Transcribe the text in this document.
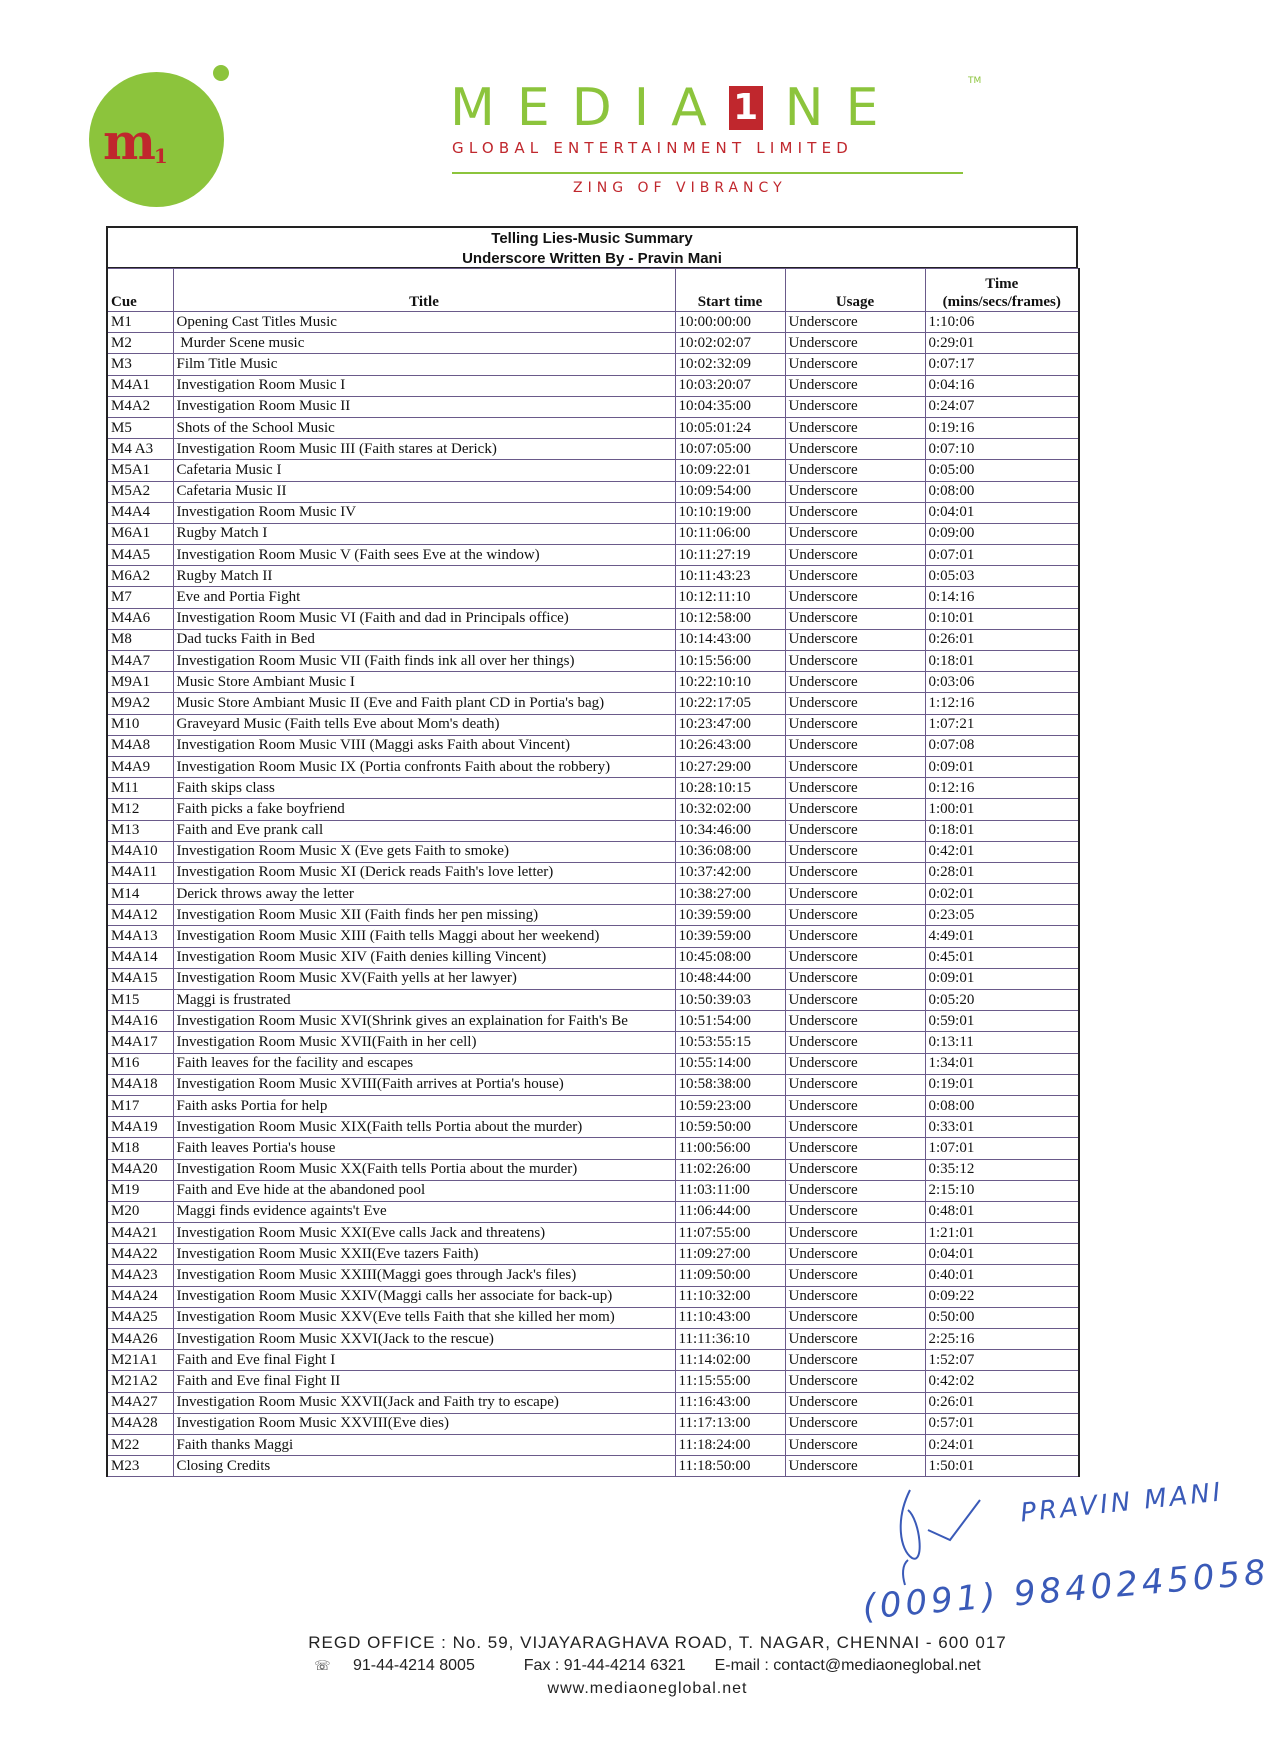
$m_1$
MEDIA 1 NE	TM
GLOBAL ENTERTAINMENT LIMITED
ZING OF VIBRANCY
Telling Lies-Music Summary
Underscore Written By - Pravin Mani
Cue	Title	Start time	Usage	Time
(mins/secs/frames)

M1	Opening Cast Titles Music	10:00:00:00	Underscore	1:10:06
M2	Murder Scene music	10:02:02:07	Underscore	0:29:01
M3	Film Title Music	10:02:32:09	Underscore	0:07:17
M4A1	Investigation Room Music I	10:03:20:07	Underscore	0:04:16
M4A2	Investigation Room Music II	10:04:35:00	Underscore	0:24:07
M5	Shots of the School Music	10:05:01:24	Underscore	0:19:16
M4 A3	Investigation Room Music III (Faith stares at Derick)	10:07:05:00	Underscore	0:07:10
M5A1	Cafetaria Music I	10:09:22:01	Underscore	0:05:00
M5A2	Cafetaria Music II	10:09:54:00	Underscore	0:08:00
M4A4	Investigation Room Music IV	10:10:19:00	Underscore	0:04:01
M6A1	Rugby Match I	10:11:06:00	Underscore	0:09:00
M4A5	Investigation Room Music V (Faith sees Eve at the window)	10:11:27:19	Underscore	0:07:01
M6A2	Rugby Match II	10:11:43:23	Underscore	0:05:03
M7	Eve and Portia Fight	10:12:11:10	Underscore	0:14:16
M4A6	Investigation Room Music VI (Faith and dad in Principals office)	10:12:58:00	Underscore	0:10:01
M8	Dad tucks Faith in Bed	10:14:43:00	Underscore	0:26:01
M4A7	Investigation Room Music VII (Faith finds ink all over her things)	10:15:56:00	Underscore	0:18:01
M9A1	Music Store Ambiant Music I	10:22:10:10	Underscore	0:03:06
M9A2	Music Store Ambiant Music II (Eve and Faith plant CD in Portia's bag)	10:22:17:05	Underscore	1:12:16
M10	Graveyard Music (Faith tells Eve about Mom's death)	10:23:47:00	Underscore	1:07:21
M4A8	Investigation Room Music VIII (Maggi asks Faith about Vincent)	10:26:43:00	Underscore	0:07:08
M4A9	Investigation Room Music IX (Portia confronts Faith about the robbery)	10:27:29:00	Underscore	0:09:01
M11	Faith skips class	10:28:10:15	Underscore	0:12:16
M12	Faith picks a fake boyfriend	10:32:02:00	Underscore	1:00:01
M13	Faith and Eve prank call	10:34:46:00	Underscore	0:18:01
M4A10	Investigation Room Music X (Eve gets Faith to smoke)	10:36:08:00	Underscore	0:42:01
M4A11	Investigation Room Music XI (Derick reads Faith's love letter)	10:37:42:00	Underscore	0:28:01
M14	Derick throws away the letter	10:38:27:00	Underscore	0:02:01
M4A12	Investigation Room Music XII (Faith finds her pen missing)	10:39:59:00	Underscore	0:23:05
M4A13	Investigation Room Music XIII (Faith tells Maggi about her weekend)	10:39:59:00	Underscore	4:49:01
M4A14	Investigation Room Music XIV (Faith denies killing Vincent)	10:45:08:00	Underscore	0:45:01
M4A15	Investigation Room Music XV(Faith yells at her lawyer)	10:48:44:00	Underscore	0:09:01
M15	Maggi is frustrated	10:50:39:03	Underscore	0:05:20
M4A16	Investigation Room Music XVI(Shrink gives an explaination for Faith's Be	10:51:54:00	Underscore	0:59:01
M4A17	Investigation Room Music XVII(Faith in her cell)	10:53:55:15	Underscore	0:13:11
M16	Faith leaves for the facility and escapes	10:55:14:00	Underscore	1:34:01
M4A18	Investigation Room Music XVIII(Faith arrives at Portia's house)	10:58:38:00	Underscore	0:19:01
M17	Faith asks Portia for help	10:59:23:00	Underscore	0:08:00
M4A19	Investigation Room Music XIX(Faith tells Portia about the murder)	10:59:50:00	Underscore	0:33:01
M18	Faith leaves Portia's house	11:00:56:00	Underscore	1:07:01
M4A20	Investigation Room Music XX(Faith tells Portia about the murder)	11:02:26:00	Underscore	0:35:12
M19	Faith and Eve hide at the abandoned pool	11:03:11:00	Underscore	2:15:10
M20	Maggi finds evidence againts't Eve	11:06:44:00	Underscore	0:48:01
M4A21	Investigation Room Music XXI(Eve calls Jack and threatens)	11:07:55:00	Underscore	1:21:01
M4A22	Investigation Room Music XXII(Eve tazers Faith)	11:09:27:00	Underscore	0:04:01
M4A23	Investigation Room Music XXIII(Maggi goes through Jack's files)	11:09:50:00	Underscore	0:40:01
M4A24	Investigation Room Music XXIV(Maggi calls her associate for back-up)	11:10:32:00	Underscore	0:09:22
M4A25	Investigation Room Music XXV(Eve tells Faith that she killed her mom)	11:10:43:00	Underscore	0:50:00
M4A26	Investigation Room Music XXVI(Jack to the rescue)	11:11:36:10	Underscore	2:25:16
M21A1	Faith and Eve final Fight I	11:14:02:00	Underscore	1:52:07
M21A2	Faith and Eve final Fight II	11:15:55:00	Underscore	0:42:02
M4A27	Investigation Room Music XXVII(Jack and Faith try to escape)	11:16:43:00	Underscore	0:26:01
M4A28	Investigation Room Music XXVIII(Eve dies)	11:17:13:00	Underscore	0:57:01
M22	Faith thanks Maggi	11:18:24:00	Underscore	0:24:01
M23	Closing Credits	11:18:50:00	Underscore	1:50:01
PRAVIN MANI
(0091) 9840245058
REGD OFFICE : No. 59, VIJAYARAGHAVA ROAD, T. NAGAR, CHENNAI - 600 017
☏ 91-44-4214 8005	Fax : 91-44-4214 6321 E-mail : contact@mediaoneglobal.net
www.mediaoneglobal.net
